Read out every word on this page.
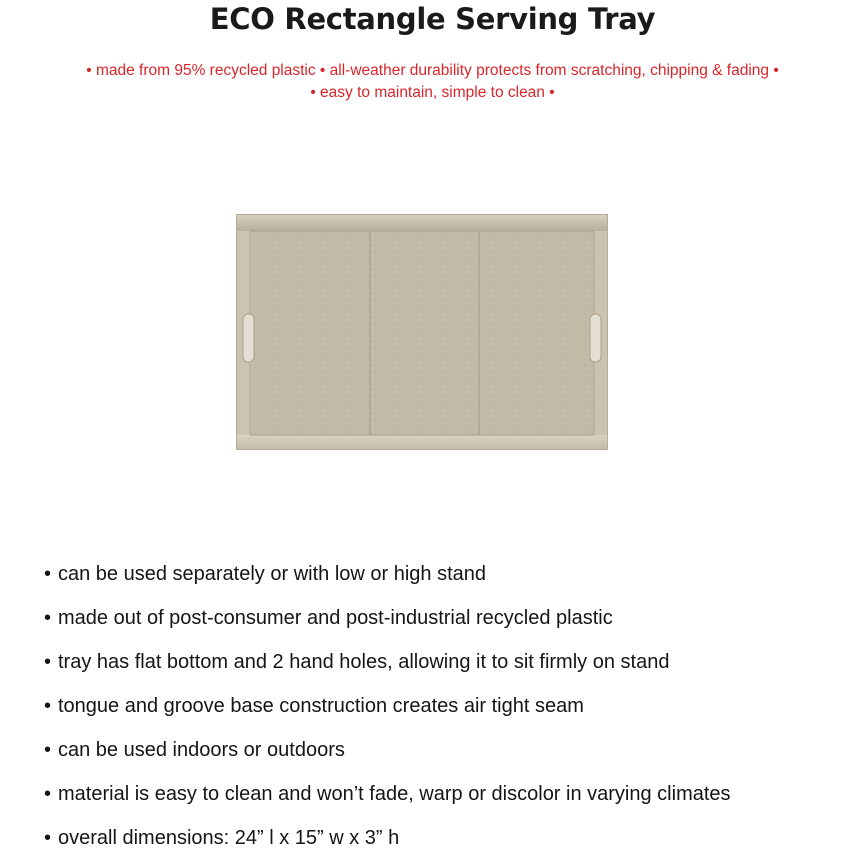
ECO Rectangle Serving Tray
• made from 95% recycled plastic • all-weather durability protects from scratching, chipping & fading •
• easy to maintain, simple to clean •
• can be used separately or with low or high stand
• made out of post-consumer and post-industrial recycled plastic
• tray has flat bottom and 2 hand holes, allowing it to sit firmly on stand
• tongue and groove base construction creates air tight seam
• can be used indoors or outdoors
• material is easy to clean and won’t fade, warp or discolor in varying climates
• overall dimensions: 24” l x 15” w x 3” h
